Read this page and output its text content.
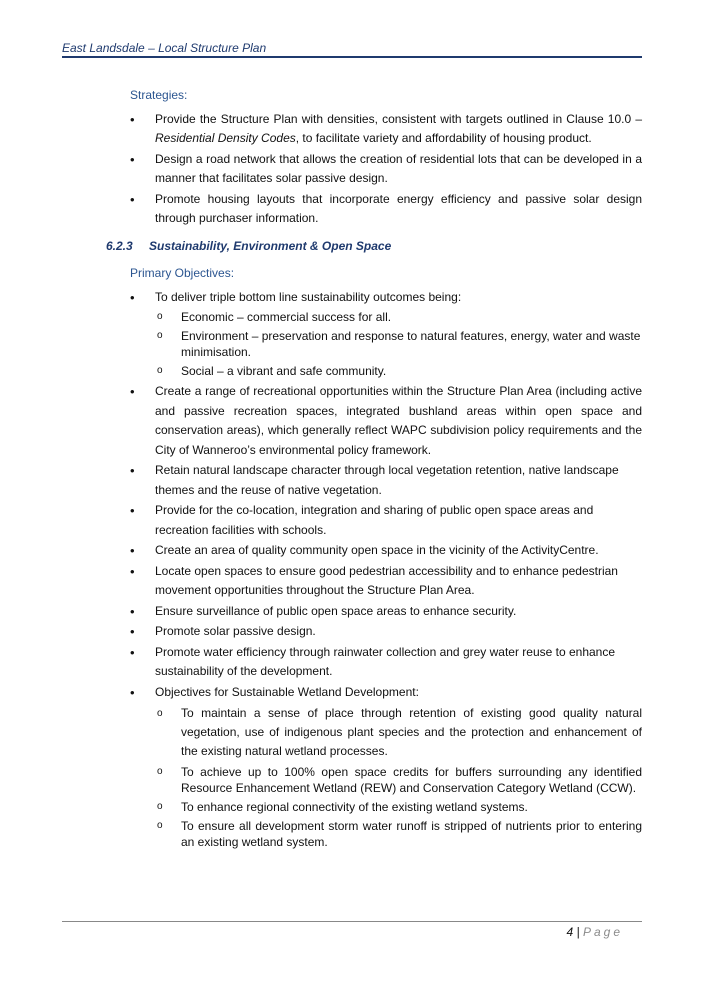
East Landsdale – Local Structure Plan
Strategies:
• Provide the Structure Plan with densities, consistent with targets outlined in Clause 10.0 – Residential Density Codes, to facilitate variety and affordability of housing product.
• Design a road network that allows the creation of residential lots that can be developed in a manner that facilitates solar passive design.
• Promote housing layouts that incorporate energy efficiency and passive solar design through purchaser information.
6.2.3 Sustainability, Environment & Open Space
Primary Objectives:
• To deliver triple bottom line sustainability outcomes being:
o Economic – commercial success for all.
o Environment – preservation and response to natural features, energy, water and waste minimisation.
o Social – a vibrant and safe community.
• Create a range of recreational opportunities within the Structure Plan Area (including active and passive recreation spaces, integrated bushland areas within open space and conservation areas), which generally reflect WAPC subdivision policy requirements and the City of Wanneroo’s environmental policy framework.
• Retain natural landscape character through local vegetation retention, native landscape themes and the reuse of native vegetation.
• Provide for the co-location, integration and sharing of public open space areas and recreation facilities with schools.
• Create an area of quality community open space in the vicinity of the ActivityCentre.
• Locate open spaces to ensure good pedestrian accessibility and to enhance pedestrian movement opportunities throughout the Structure Plan Area.
• Ensure surveillance of public open space areas to enhance security.
• Promote solar passive design.
• Promote water efficiency through rainwater collection and grey water reuse to enhance sustainability of the development.
• Objectives for Sustainable Wetland Development:
o To maintain a sense of place through retention of existing good quality natural vegetation, use of indigenous plant species and the protection and enhancement of the existing natural wetland processes.
o To achieve up to 100% open space credits for buffers surrounding any identified Resource Enhancement Wetland (REW) and Conservation Category Wetland (CCW).
o To enhance regional connectivity of the existing wetland systems.
o To ensure all development storm water runoff is stripped of nutrients prior to entering an existing wetland system.
4 | Page
